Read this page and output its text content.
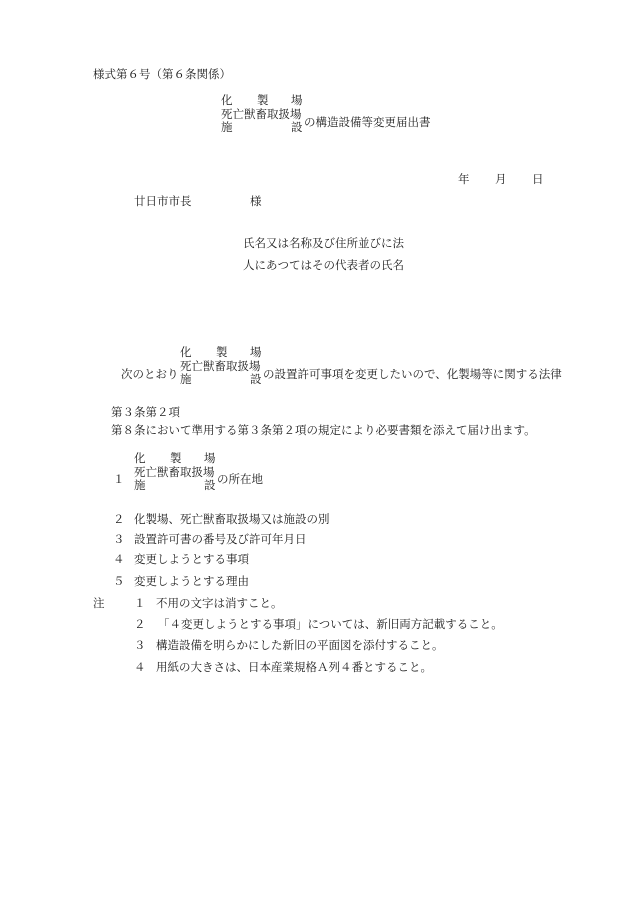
様式第６号（第６条関係）
化 製 場
死亡獣畜取扱場
施	設 の構造設備等変更届出書
年 月 日
廿日市市長	様
氏名又は名称及び住所並びに法
人にあつてはその代表者の氏名
次のとおり
化 製 場
死亡獣畜取扱場
施	設 の設置許可事項を変更したいので、化製場等に関する法律
第３条第２項
第８条において準用する第３条第２項の規定により必要書類を添えて届け出ます。
１
化 製 場
死亡獣畜取扱場
施	設 の所在地
２ 化製場、死亡獣畜取扱場又は施設の別
３ 設置許可書の番号及び許可年月日
４ 変更しようとする事項
５ 変更しようとする理由
注	１ 不用の文字は消すこと。
２ 「４変更しようとする事項」については、新旧両方記載すること。
３ 構造設備を明らかにした新旧の平面図を添付すること。
４ 用紙の大きさは、日本産業規格Ａ列４番とすること。
